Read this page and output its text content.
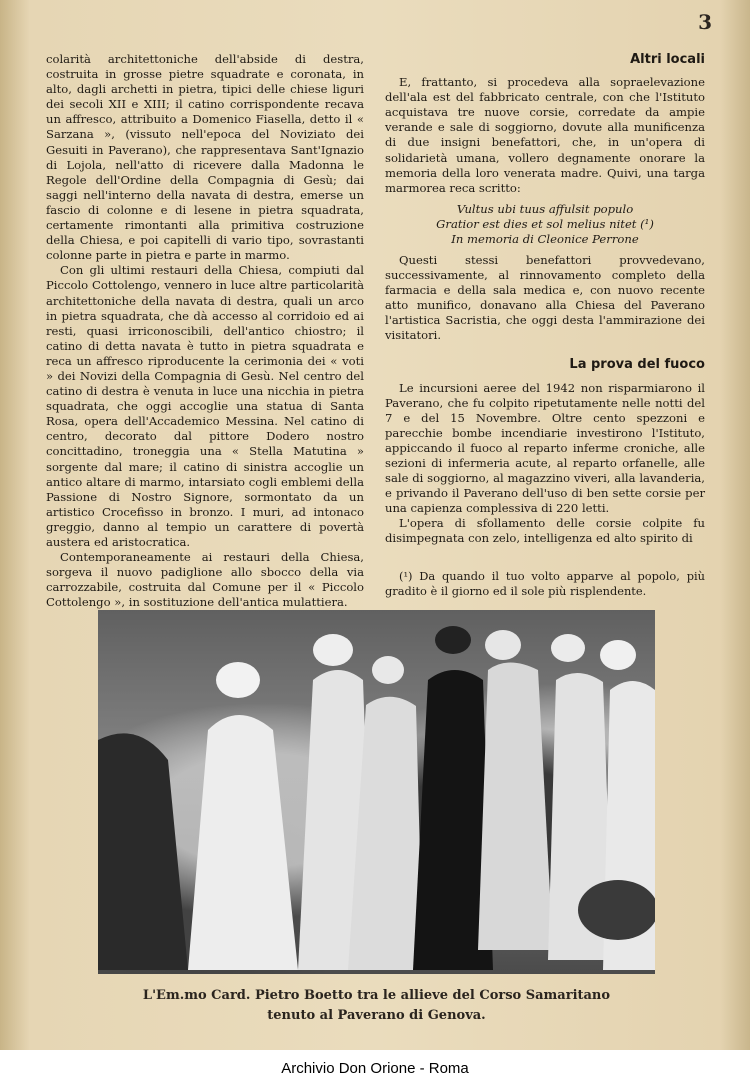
3

colarità architettoniche dell'abside di destra, costruita in grosse pietre squadrate e coronata, in alto, dagli archetti in pietra, tipici delle chiese liguri dei secoli XII e XIII; il catino corrispondente recava un affresco, attribuito a Domenico Fiasella, detto il « Sarzana », (vissuto nell'epoca del Noviziato dei Gesuiti in Paverano), che rappresentava Sant'Ignazio di Lojola, nell'atto di ricevere dalla Madonna le Regole dell'Ordine della Compagnia di Gesù; dai saggi nell'interno della navata di destra, emerse un fascio di colonne e di lesene in pietra squadrata, certamente rimontanti alla primitiva costruzione della Chiesa, e poi capitelli di vario tipo, sovrastanti colonne parte in pietra e parte in marmo.

Con gli ultimi restauri della Chiesa, compiuti dal Piccolo Cottolengo, vennero in luce altre particolarità architettoniche della navata di destra, quali un arco in pietra squadrata, che dà accesso al corridoio ed ai resti, quasi irriconoscibili, dell'antico chiostro; il catino di detta navata è tutto in pietra squadrata e reca un affresco riproducente la cerimonia dei « voti » dei Novizi della Compagnia di Gesù. Nel centro del catino di destra è venuta in luce una nicchia in pietra squadrata, che oggi accoglie una statua di Santa Rosa, opera dell'Accademico Messina. Nel catino di centro, decorato dal pittore Dodero nostro concittadino, troneggia una « Stella Matutina » sorgente dal mare; il catino di sinistra accoglie un antico altare di marmo, intarsiato cogli emblemi della Passione di Nostro Signore, sormontato da un artistico Crocefisso in bronzo. I muri, ad intonaco greggio, danno al tempio un carattere di povertà austera ed aristocratica.

Contemporaneamente ai restauri della Chiesa, sorgeva il nuovo padiglione allo sbocco della via carrozzabile, costruita dal Comune per il « Piccolo Cottolengo », in sostituzione dell'antica mulattiera.

Altri locali

E, frattanto, si procedeva alla sopraelevazione dell'ala est del fabbricato centrale, con che l'Istituto acquistava tre nuove corsie, corredate da ampie verande e sale di soggiorno, dovute alla munificenza di due insigni benefattori, che, in un'opera di solidarietà umana, vollero degnamente onorare la memoria della loro venerata madre. Quivi, una targa marmorea reca scritto:

Vultus ubi tuus affulsit populo
Gratior est dies et sol melius nitet (¹)
In memoria di Cleonice Perrone

Questi stessi benefattori provvedevano, successivamente, al rinnovamento completo della farmacia e della sala medica e, con nuovo recente atto munifico, donavano alla Chiesa del Paverano l'artistica Sacristia, che oggi desta l'ammirazione dei visitatori.

La prova del fuoco

Le incursioni aeree del 1942 non risparmiarono il Paverano, che fu colpito ripetutamente nelle notti del 7 e del 15 Novembre. Oltre cento spezzoni e parecchie bombe incendiarie investirono l'Istituto, appiccando il fuoco al reparto inferme croniche, alle sezioni di infermeria acute, al reparto orfanelle, alle sale di soggiorno, al magazzino viveri, alla lavanderia, e privando il Paverano dell'uso di ben sette corsie per una capienza complessiva di 220 letti.

L'opera di sfollamento delle corsie colpite fu disimpegnata con zelo, intelligenza ed alto spirito di

(¹) Da quando il tuo volto apparve al popolo, più gradito è il giorno ed il sole più risplendente.

L'Em.mo Card. Pietro Boetto tra le allieve del Corso Samaritano
tenuto al Paverano di Genova.
Archivio Don Orione - Roma
